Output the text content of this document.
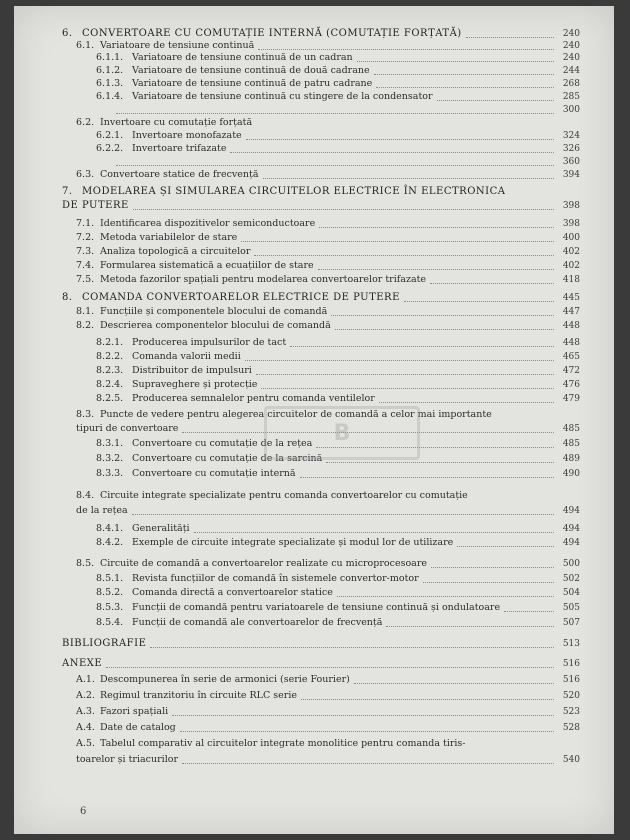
6. CONVERTOARE CU COMUTAȚIE INTERNĂ (COMUTAȚIE FORȚATĂ)	240
6.1. Variatoare de tensiune continuă	240
6.1.1. Variatoare de tensiune continuă de un cadran	240
6.1.2. Variatoare de tensiune continuă de două cadrane	244
6.1.3. Variatoare de tensiune continuă de patru cadrane	268
6.1.4. Variatoare de tensiune continuă cu stingere de la condensator	285
300
6.2. Invertoare cu comutație forțată
6.2.1. Invertoare monofazate	324
6.2.2. Invertoare trifazate	326
360
6.3. Convertoare statice de frecvență	394
7. MODELAREA ȘI SIMULAREA CIRCUITELOR ELECTRICE ÎN ELECTRONICA
DE PUTERE	398
7.1. Identificarea dispozitivelor semiconductoare	398
7.2. Metoda variabilelor de stare	400
7.3. Analiza topologică a circuitelor	402
7.4. Formularea sistematică a ecuațiilor de stare	402
7.5. Metoda fazorilor spațiali pentru modelarea convertoarelor trifazate	418
8. COMANDA CONVERTOARELOR ELECTRICE DE PUTERE	445
8.1. Funcțiile și componentele blocului de comandă	447
8.2. Descrierea componentelor blocului de comandă	448
8.2.1. Producerea impulsurilor de tact	448
8.2.2. Comanda valorii medii	465
8.2.3. Distribuitor de impulsuri	472
8.2.4. Supraveghere și protecție	476
8.2.5. Producerea semnalelor pentru comanda ventilelor	479
8.3. Puncte de vedere pentru alegerea circuitelor de comandă a celor mai importante
tipuri de convertoare	485
8.3.1. Convertoare cu comutație de la rețea	485
8.3.2. Convertoare cu comutație de la sarcină	489
8.3.3. Convertoare cu comutație internă	490
8.4. Circuite integrate specializate pentru comanda convertoarelor cu comutație
de la rețea	494
8.4.1. Generalități	494
8.4.2. Exemple de circuite integrate specializate și modul lor de utilizare	494
8.5. Circuite de comandă a convertoarelor realizate cu microprocesoare	500
8.5.1. Revista funcțiilor de comandă în sistemele convertor-motor	502
8.5.2. Comanda directă a convertoarelor statice	504
8.5.3. Funcții de comandă pentru variatoarele de tensiune continuă și ondulatoare	505
8.5.4. Funcții de comandă ale convertoarelor de frecvență	507
BIBLIOGRAFIE	513
ANEXE	516
A.1. Descompunerea în serie de armonici (serie Fourier)	516
A.2. Regimul tranzitoriu în circuite RLC serie	520
A.3. Fazori spațiali	523
A.4. Date de catalog	528
A.5. Tabelul comparativ al circuitelor integrate monolitice pentru comanda tiris-
toarelor și triacurilor	540
B
6
